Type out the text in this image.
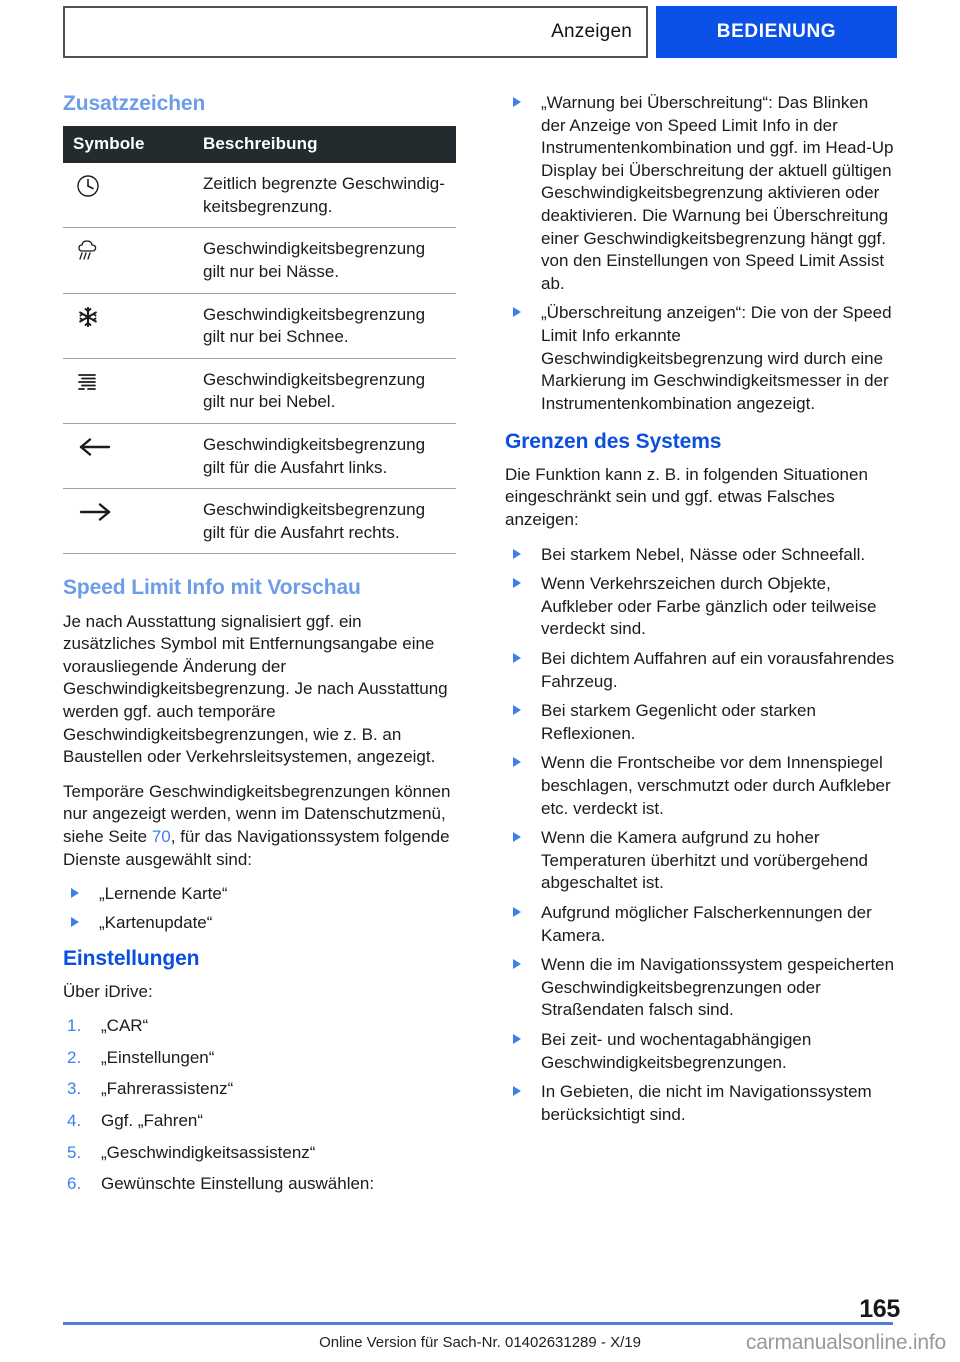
Anzeigen	BEDIENUNG
Zusatzzeichen
Symbole	Beschreibung

	Zeitlich begrenzte Geschwindig-keitsbegrenzung.

	Geschwindigkeitsbegrenzung gilt nur bei Nässe.

	Geschwindigkeitsbegrenzung gilt nur bei Schnee.

	Geschwindigkeitsbegrenzung gilt nur bei Nebel.

	Geschwindigkeitsbegrenzung gilt für die Ausfahrt links.

	Geschwindigkeitsbegrenzung gilt für die Ausfahrt rechts.
Speed Limit Info mit Vorschau

Je nach Ausstattung signalisiert ggf. ein zusätzliches Symbol mit Entfernungsangabe eine vorausliegende Änderung der Geschwindigkeitsbegrenzung. Je nach Ausstattung werden ggf. auch temporäre Geschwindigkeitsbegrenzungen, wie z. B. an Baustellen oder Verkehrsleitsystemen, angezeigt.

Temporäre Geschwindigkeitsbegrenzungen können nur angezeigt werden, wenn im Datenschutzmenü, siehe Seite 70, für das Navigationssystem folgende Dienste ausgewählt sind:

„Lernende Karte“
„Kartenupdate“
Einstellungen

Über iDrive:

1. „CAR“
2. „Einstellungen“
3. „Fahrerassistenz“
4. Ggf. „Fahren“
5. „Geschwindigkeitsassistenz“
6. Gewünschte Einstellung auswählen:
„Warnung bei Überschreitung“: Das Blinken der Anzeige von Speed Limit Info in der Instrumentenkombination und ggf. im Head-Up Display bei Überschreitung der aktuell gültigen Geschwindigkeitsbegrenzung aktivieren oder deaktivieren. Die Warnung bei Überschreitung einer Geschwindigkeitsbegrenzung hängt ggf. von den Einstellungen von Speed Limit Assist ab.
„Überschreitung anzeigen“: Die von der Speed Limit Info erkannte Geschwindigkeitsbegrenzung wird durch eine Markierung im Geschwindigkeitsmesser in der Instrumentenkombination angezeigt.
Grenzen des Systems

Die Funktion kann z. B. in folgenden Situationen eingeschränkt sein und ggf. etwas Falsches anzeigen:

Bei starkem Nebel, Nässe oder Schneefall.
Wenn Verkehrszeichen durch Objekte, Aufkleber oder Farbe gänzlich oder teilweise verdeckt sind.
Bei dichtem Auffahren auf ein vorausfahrendes Fahrzeug.
Bei starkem Gegenlicht oder starken Reflexionen.
Wenn die Frontscheibe vor dem Innenspiegel beschlagen, verschmutzt oder durch Aufkleber etc. verdeckt ist.
Wenn die Kamera aufgrund zu hoher Temperaturen überhitzt und vorübergehend abgeschaltet ist.
Aufgrund möglicher Falscherkennungen der Kamera.
Wenn die im Navigationssystem gespeicherten Geschwindigkeitsbegrenzungen oder Straßendaten falsch sind.
Bei zeit- und wochentagabhängigen Geschwindigkeitsbegrenzungen.
In Gebieten, die nicht im Navigationssystem berücksichtigt sind.
165
Online Version für Sach-Nr. 01402631289 - X/19	carmanualsonline.info
